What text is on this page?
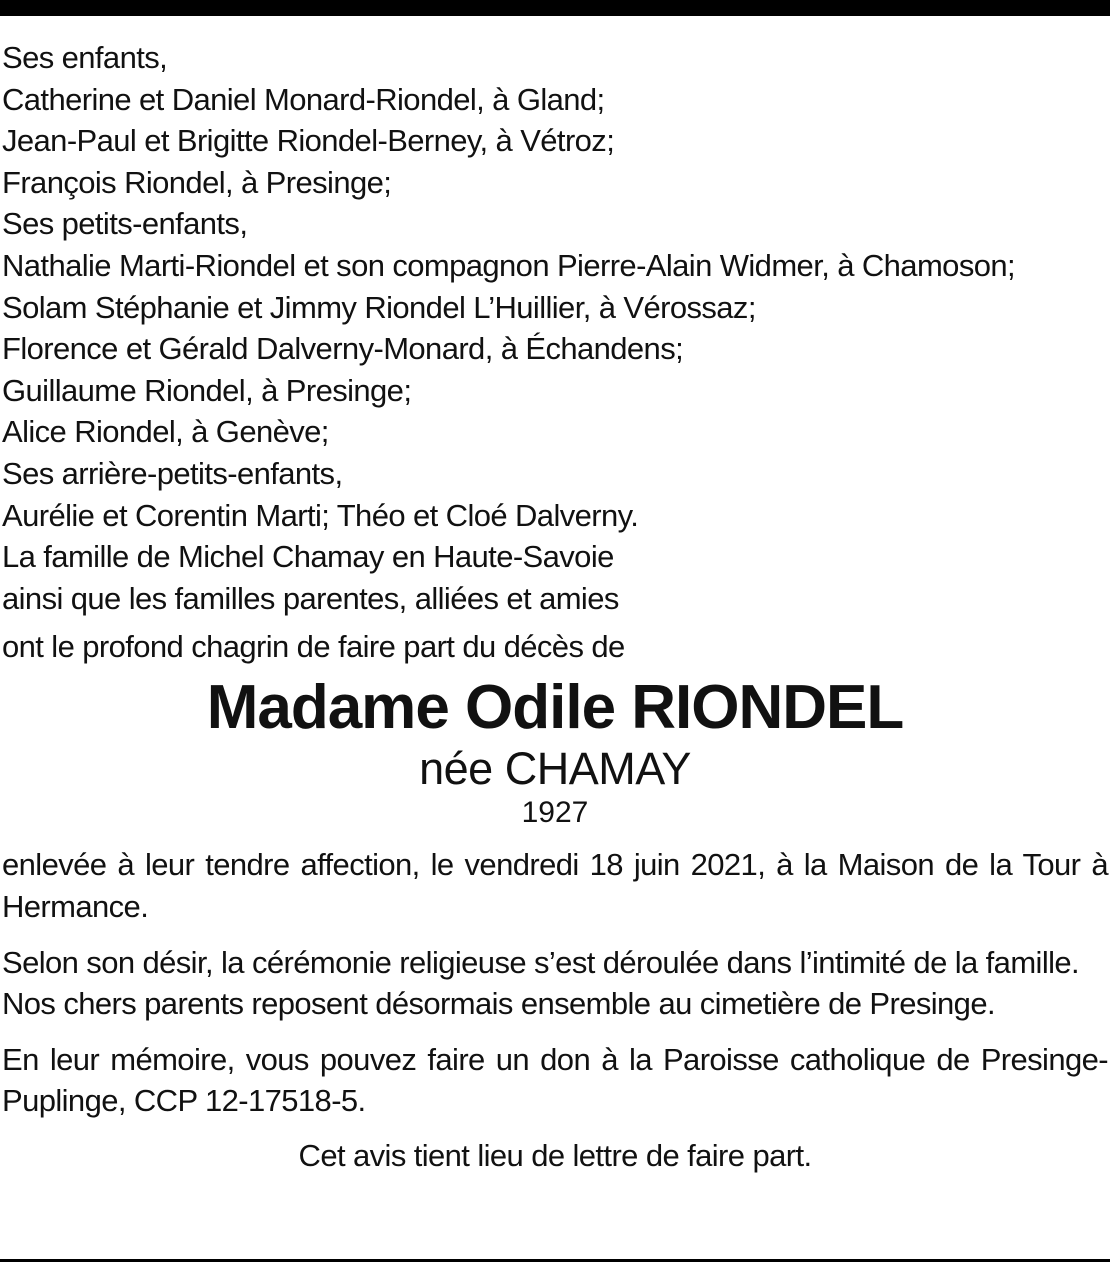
Ses enfants,

Catherine et Daniel Monard-Riondel, à Gland;

Jean-Paul et Brigitte Riondel-Berney, à Vétroz;

François Riondel, à Presinge;

Ses petits-enfants,

Nathalie Marti-Riondel et son compagnon Pierre-Alain Widmer, à Chamoson;

Solam Stéphanie et Jimmy Riondel L’Huillier, à Vérossaz;

Florence et Gérald Dalverny-Monard, à Échandens;

Guillaume Riondel, à Presinge;

Alice Riondel, à Genève;

Ses arrière-petits-enfants,

Aurélie et Corentin Marti; Théo et Cloé Dalverny.

La famille de Michel Chamay en Haute-Savoie

ainsi que les familles parentes, alliées et amies

ont le profond chagrin de faire part du décès de

Madame Odile RIONDEL

née CHAMAY

1927

enlevée à leur tendre affection, le vendredi 18 juin 2021, à la Maison de la Tour à Hermance.

Selon son désir, la cérémonie religieuse s’est déroulée dans l’intimité de la famille.

Nos chers parents reposent désormais ensemble au cimetière de Presinge.

En leur mémoire, vous pouvez faire un don à la Paroisse catholique de Presinge-Puplinge, CCP 12-17518-5.

Cet avis tient lieu de lettre de faire part.
